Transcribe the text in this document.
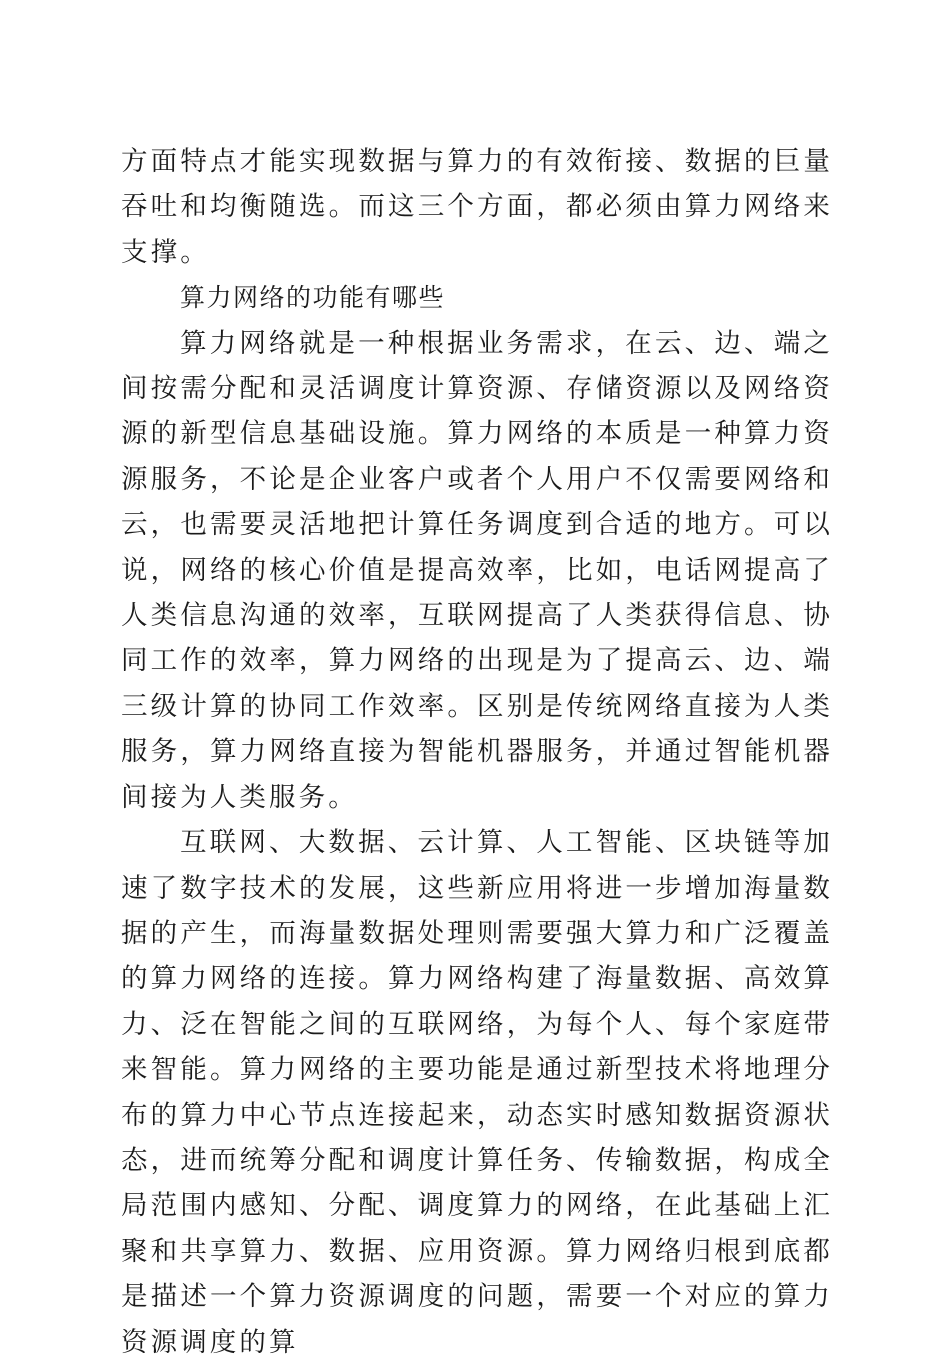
方面特点才能实现数据与算力的有效衔接、数据的巨量吞吐和均衡随选。而这三个方面，都必须由算力网络来支撑。

算力网络的功能有哪些

算力网络就是一种根据业务需求，在云、边、端之间按需分配和灵活调度计算资源、存储资源以及网络资源的新型信息基础设施。算力网络的本质是一种算力资源服务，不论是企业客户或者个人用户不仅需要网络和云，也需要灵活地把计算任务调度到合适的地方。可以说，网络的核心价值是提高效率，比如，电话网提高了人类信息沟通的效率，互联网提高了人类获得信息、协同工作的效率，算力网络的出现是为了提高云、边、端三级计算的协同工作效率。区别是传统网络直接为人类服务，算力网络直接为智能机器服务，并通过智能机器间接为人类服务。

互联网、大数据、云计算、人工智能、区块链等加速了数字技术的发展，这些新应用将进一步增加海量数据的产生，而海量数据处理则需要强大算力和广泛覆盖的算力网络的连接。算力网络构建了海量数据、高效算力、泛在智能之间的互联网络，为每个人、每个家庭带来智能。算力网络的主要功能是通过新型技术将地理分布的算力中心节点连接起来，动态实时感知数据资源状态，进而统筹分配和调度计算任务、传输数据，构成全局范围内感知、分配、调度算力的网络，在此基础上汇聚和共享算力、数据、应用资源。算力网络归根到底都是描述一个算力资源调度的问题，需要一个对应的算力资源调度的算
